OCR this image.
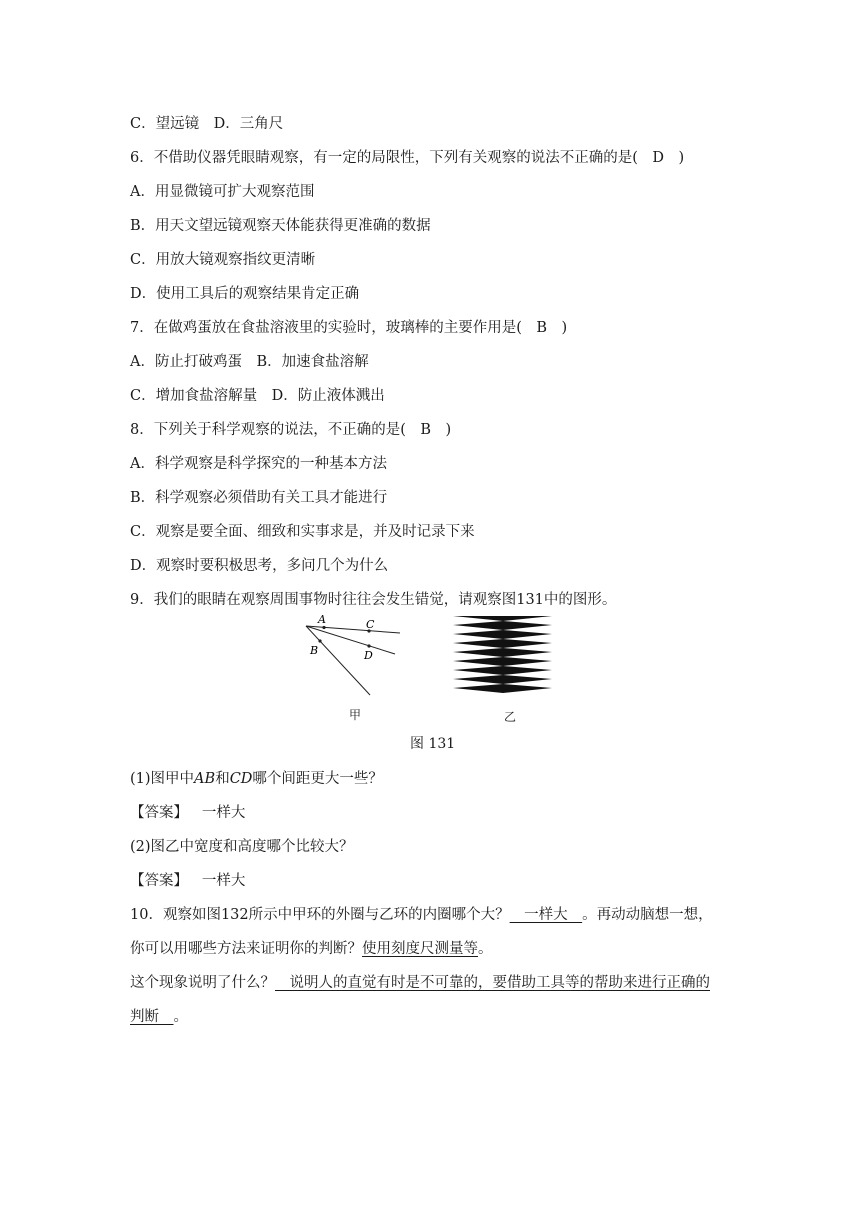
C．望远镜　D．三角尺
6．不借助仪器凭眼睛观察，有一定的局限性，下列有关观察的说法不正确的是(　D　)
A．用显微镜可扩大观察范围
B．用天文望远镜观察天体能获得更准确的数据
C．用放大镜观察指纹更清晰
D．使用工具后的观察结果肯定正确
7．在做鸡蛋放在食盐溶液里的实验时，玻璃棒的主要作用是(　B　)
A．防止打破鸡蛋　B．加速食盐溶解
C．增加食盐溶解量　D．防止液体溅出
8．下列关于科学观察的说法，不正确的是(　B　)
A．科学观察是科学探究的一种基本方法
B．科学观察必须借助有关工具才能进行
C．观察是要全面、细致和实事求是，并及时记录下来
D．观察时要积极思考，多问几个为什么
9．我们的眼睛在观察周围事物时往往会发生错觉，请观察图131中的图形。
A
B
C
D
甲	乙
图 131
(1)图甲中AB和CD哪个间距更大一些？
【答案】 一样大
(2)图乙中宽度和高度哪个比较大？
【答案】 一样大
10．观察如图132所示中甲环的外圈与乙环的内圈哪个大？　一样大　。再动动脑想一想，
你可以用哪些方法来证明你的判断？使用刻度尺测量等。
这个现象说明了什么？　说明人的直觉有时是不可靠的，要借助工具等的帮助来进行正确的
判断　。
